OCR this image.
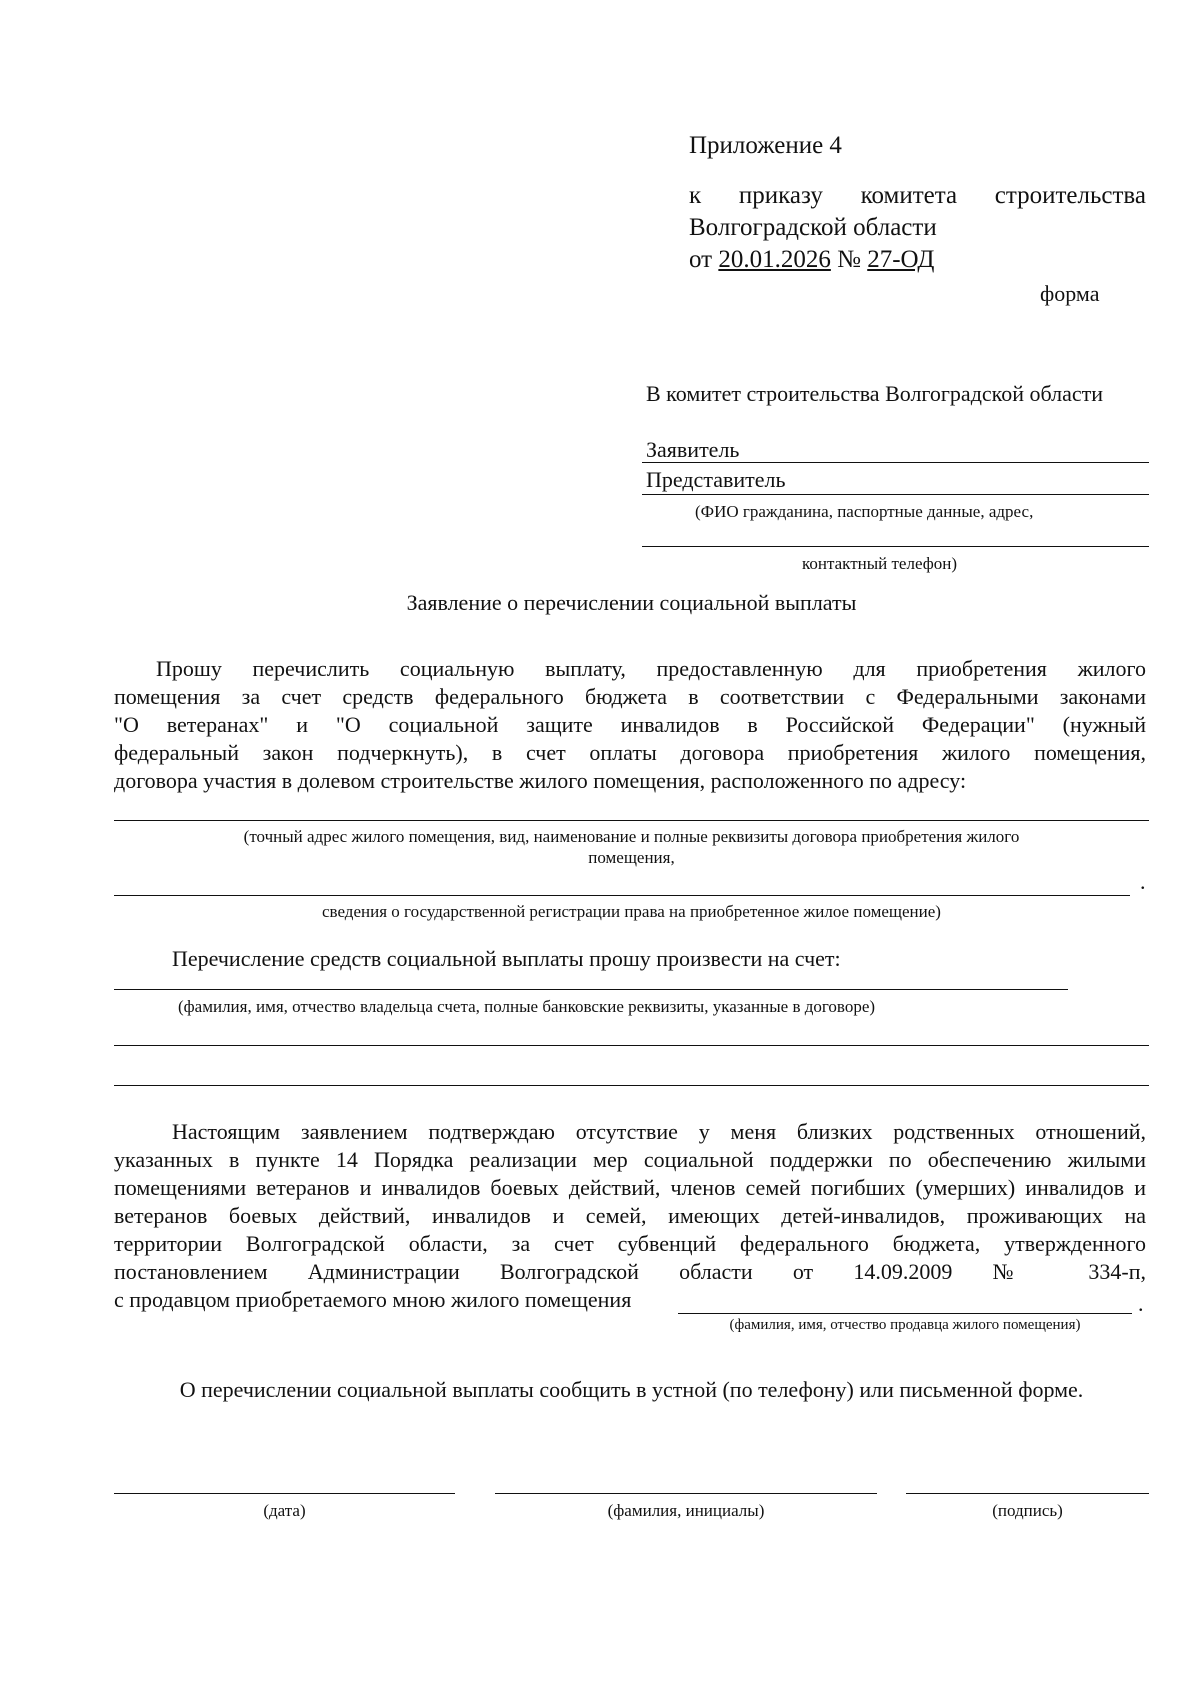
Приложение 4
к приказу комитета строительства
Волгоградской области
от 20.01.2026 № 27-ОД
форма
В комитет строительства Волгоградской области
Заявитель
Представитель
(ФИО гражданина, паспортные данные, адрес,
контактный телефон)
Заявление о перечислении социальной выплаты
Прошу перечислить социальную выплату, предоставленную для приобретения жилого
помещения за счет средств федерального бюджета в соответствии с Федеральными законами
"О ветеранах" и "О социальной защите инвалидов в Российской Федерации" (нужный
федеральный закон подчеркнуть), в счет оплаты договора приобретения жилого помещения,
договора участия в долевом строительстве жилого помещения, расположенного по адресу:
(точный адрес жилого помещения, вид, наименование и полные реквизиты договора приобретения жилого
помещения,
.
сведения о государственной регистрации права на приобретенное жилое помещение)
Перечисление средств социальной выплаты прошу произвести на счет:
(фамилия, имя, отчество владельца счета, полные банковские реквизиты, указанные в договоре)
Настоящим заявлением подтверждаю отсутствие у меня близких родственных отношений,
указанных в пункте 14 Порядка реализации мер социальной поддержки по обеспечению жилыми
помещениями ветеранов и инвалидов боевых действий, членов семей погибших (умерших) инвалидов и
ветеранов боевых действий, инвалидов и семей, имеющих детей-инвалидов, проживающих на
территории Волгоградской области, за счет субвенций федерального бюджета, утвержденного
постановлением Администрации Волгоградской области от 14.09.2009 № 334-п,
с продавцом приобретаемого мною жилого помещения	.
(фамилия, имя, отчество продавца жилого помещения)
О перечислении социальной выплаты сообщить в устной (по телефону) или письменной форме.
(дата)	(фамилия, инициалы)	(подпись)
